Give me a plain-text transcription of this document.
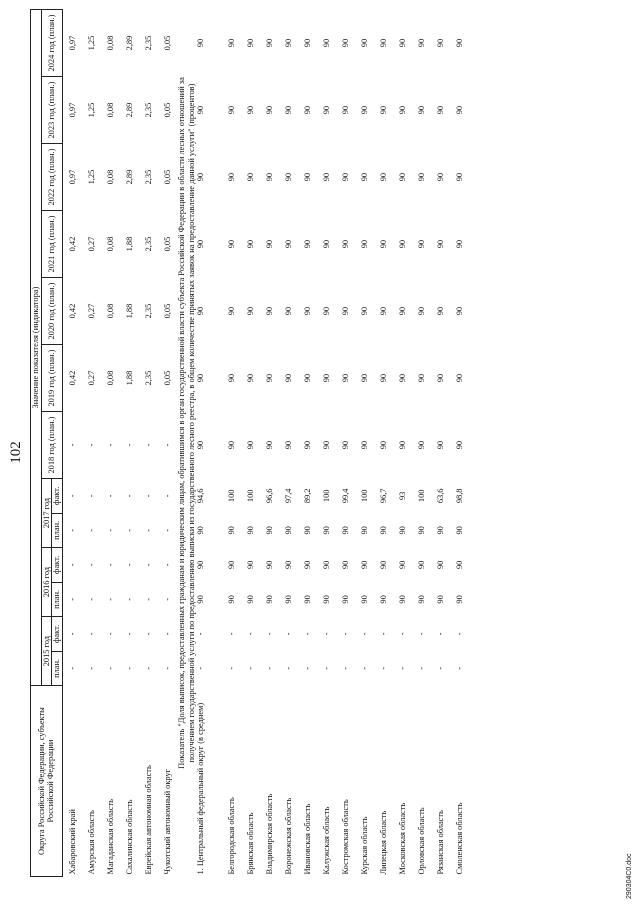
102
Округа Российской Федерации, субъекты Российской Федерации	Значение показателя (индикатора)												
	2015 год		2016 год		2017 год		2018 год (план.)	2019 год (план.)	2020 год (план.)	2021 год (план.)	2022 год (план.)	2023 год (план.)	2024 год (план.)
	план.	факт.	план.	факт.	план.	факт.							
Хабаровский край	-	-	-	-	-	-	-	0,42	0,42	0,42	0,97	0,97	0,97
Амурская область	-	-	-	-	-	-	-	0,27	0,27	0,27	1,25	1,25	1,25
Магаданская область	-	-	-	-	-	-	-	0,08	0,08	0,08	0,08	0,08	0,08
Сахалинская область	-	-	-	-	-	-	-	1,88	1,88	1,88	2,89	2,89	2,89
Еврейская автономная область	-	-	-	-	-	-	-	2,35	2,35	2,35	2,35	2,35	2,35
Чукотский автономный округ	-	-	-	-	-	-	-	0,05	0,05	0,05	0,05	0,05	0,05

Показатель "Доля выписок, предоставленных гражданам и юридическим лицам, обратившимся в орган государственной власти субъекта Российской Федерации в области лесных отношений за получением государственной услуги по предоставлению выписки из государственного лесного реестра, в общем количестве принятых заявок на предоставление данной услуги" (процентов)													

1. Центральный федеральный округ (в среднем)	-	-	90	90	90	94,6	90	90	90	90	90	90	90
Белгородская область	-	-	90	90	90	100	90	90	90	90	90	90	90
Брянская область	-	-	90	90	90	100	90	90	90	90	90	90	90
Владимирская область	-	-	90	90	90	96,6	90	90	90	90	90	90	90
Воронежская область	-	-	90	90	90	97,4	90	90	90	90	90	90	90
Ивановская область	-	-	90	90	90	89,2	90	90	90	90	90	90	90
Калужская область	-	-	90	90	90	100	90	90	90	90	90	90	90
Костромская область	-	-	90	90	90	99,4	90	90	90	90	90	90	90
Курская область	-	-	90	90	90	100	90	90	90	90	90	90	90
Липецкая область	-	-	90	90	90	96,7	90	90	90	90	90	90	90
Московская область	-	-	90	90	90	93	90	90	90	90	90	90	90
Орловская область	-	-	90	90	90	100	90	90	90	90	90	90	90
Рязанская область	-	-	90	90	90	63,6	90	90	90	90	90	90	90
Смоленская область	-	-	90	90	90	98,8	90	90	90	90	90	90	90
290304C0.doc
